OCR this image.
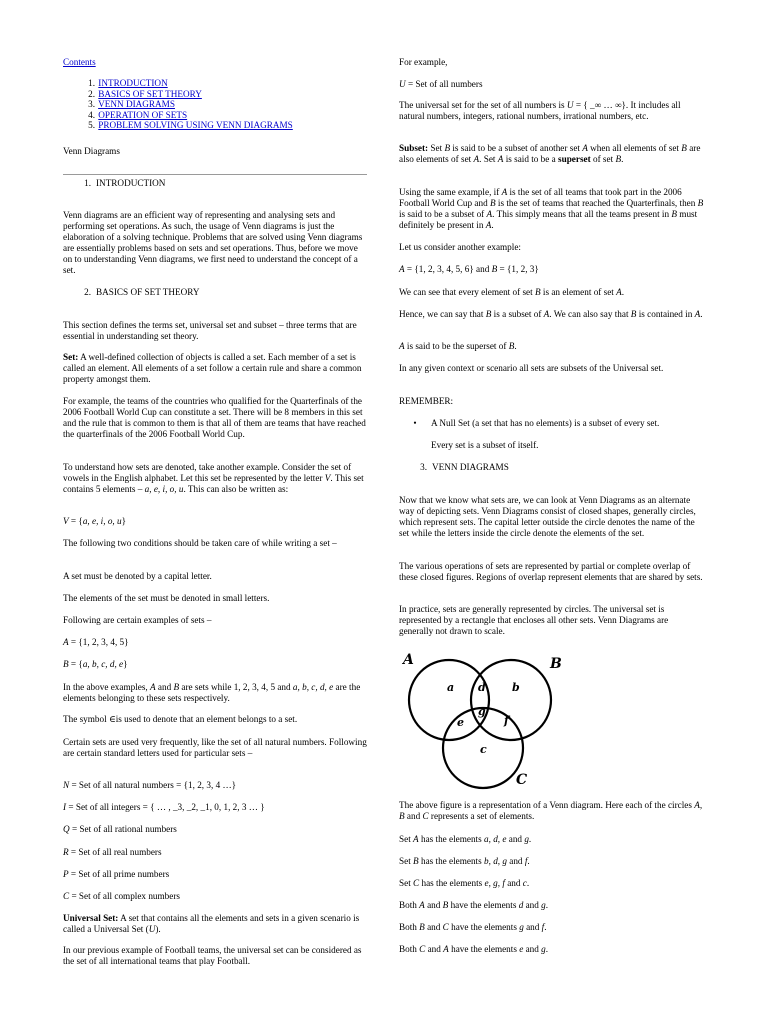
Contents
1. INTRODUCTION
2. BASICS OF SET THEORY
3. VENN DIAGRAMS
4. OPERATION OF SETS
5. PROBLEM SOLVING USING VENN DIAGRAMS
Venn Diagrams
1. INTRODUCTION

Venn diagrams are an efficient way of representing and analysing sets and performing set operations. As such, the usage of Venn diagrams is just the elaboration of a solving technique. Problems that are solved using Venn diagrams are essentially problems based on sets and set operations. Thus, before we move on to understanding Venn diagrams, we first need to understand the concept of a set.

2. BASICS OF SET THEORY

This section defines the terms set, universal set and subset – three terms that are essential in understanding set theory.

Set: A well-defined collection of objects is called a set. Each member of a set is called an element. All elements of a set follow a certain rule and share a common property amongst them.

For example, the teams of the countries who qualified for the Quarterfinals of the 2006 Football World Cup can constitute a set. There will be 8 members in this set and the rule that is common to them is that all of them are teams that have reached the quarterfinals of the 2006 Football World Cup.

To understand how sets are denoted, take another example. Consider the set of vowels in the English alphabet. Let this set be represented by the letter V. This set contains 5 elements – a, e, i, o, u. This can also be written as:

V = {a, e, i, o, u}

The following two conditions should be taken care of while writing a set –

A set must be denoted by a capital letter.
The elements of the set must be denoted in small letters.
Following are certain examples of sets –
A = {1, 2, 3, 4, 5}
B = {a, b, c, d, e}

In the above examples, A and B are sets while 1, 2, 3, 4, 5 and a, b, c, d, e are the elements belonging to these sets respectively.

The symbol ∈is used to denote that an element belongs to a set.

Certain sets are used very frequently, like the set of all natural numbers. Following are certain standard letters used for particular sets –

N = Set of all natural numbers = {1, 2, 3, 4 …}
I = Set of all integers = { … , _3, _2, _1, 0, 1, 2, 3 … }
Q = Set of all rational numbers
R = Set of all real numbers
P = Set of all prime numbers
C = Set of all complex numbers

Universal Set: A set that contains all the elements and sets in a given scenario is called a Universal Set (U).

In our previous example of Football teams, the universal set can be considered as the set of all international teams that play Football.

For example,
U = Set of all numbers

The universal set for the set of all numbers is U = { _∞ … ∞}. It includes all natural numbers, integers, rational numbers, irrational numbers, etc.

Subset: Set B is said to be a subset of another set A when all elements of set B are also elements of set A. Set A is said to be a superset of set B.

Using the same example, if A is the set of all teams that took part in the 2006 Football World Cup and B is the set of teams that reached the Quarterfinals, then B is said to be a subset of A. This simply means that all the teams present in B must definitely be present in A.

Let us consider another example:
A = {1, 2, 3, 4, 5, 6} and B = {1, 2, 3}
We can see that every element of set B is an element of set A.

Hence, we can say that B is a subset of A. We can also say that B is contained in A.

A is said to be the superset of B.

In any given context or scenario all sets are subsets of the Universal set.

REMEMBER:
• A Null Set (a set that has no elements) is a subset of every set.
Every set is a subset of itself.
3. VENN DIAGRAMS

Now that we know what sets are, we can look at Venn Diagrams as an alternate way of depicting sets. Venn Diagrams consist of closed shapes, generally circles, which represent sets. The capital letter outside the circle denotes the name of the set while the letters inside the circle denote the elements of the set.

The various operations of sets are represented by partial or complete overlap of these closed figures. Regions of overlap represent elements that are shared by sets.

In practice, sets are generally represented by circles. The universal set is represented by a rectangle that encloses all other sets. Venn Diagrams are generally not drawn to scale.

A	B
C
a d b
g
e	f
c

The above figure is a representation of a Venn diagram. Here each of the circles A, B and C represents a set of elements.

Set A has the elements a, d, e and g.
Set B has the elements b, d, g and f.
Set C has the elements e, g, f and c.
Both A and B have the elements d and g.
Both B and C have the elements g and f.
Both C and A have the elements e and g.
